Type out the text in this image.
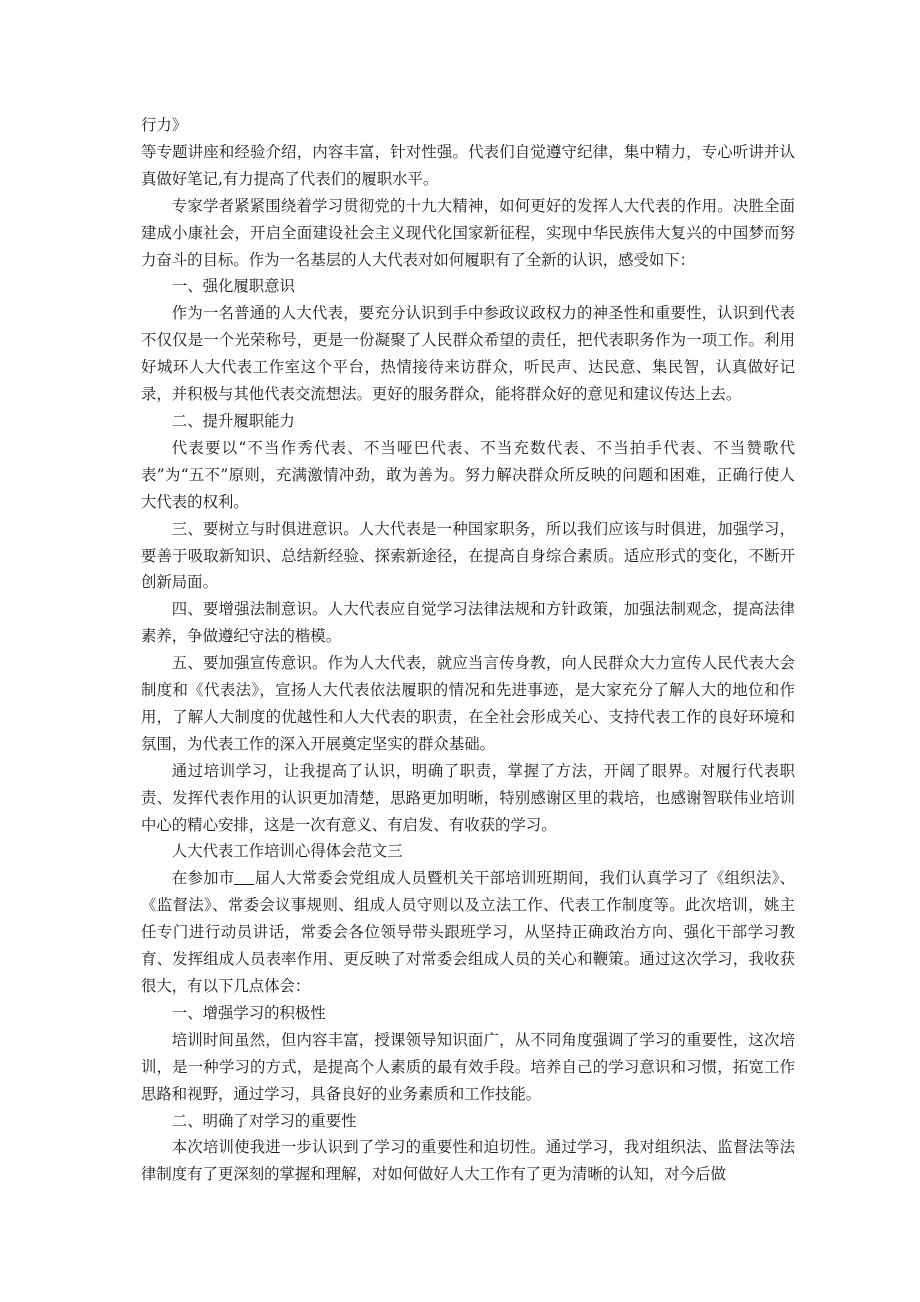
行力》

等专题讲座和经验介绍，内容丰富，针对性强。代表们自觉遵守纪律，集中精力，专心听讲并认真做好笔记,有力提高了代表们的履职水平。

专家学者紧紧围绕着学习贯彻党的十九大精神，如何更好的发挥人大代表的作用。决胜全面建成小康社会，开启全面建设社会主义现代化国家新征程，实现中华民族伟大复兴的中国梦而努力奋斗的目标。作为一名基层的人大代表对如何履职有了全新的认识，感受如下：

一、强化履职意识

作为一名普通的人大代表，要充分认识到手中参政议政权力的神圣性和重要性，认识到代表不仅仅是一个光荣称号，更是一份凝聚了人民群众希望的责任，把代表职务作为一项工作。利用好城环人大代表工作室这个平台，热情接待来访群众，听民声、达民意、集民智，认真做好记录，并积极与其他代表交流想法。更好的服务群众，能将群众好的意见和建议传达上去。

二、提升履职能力

代表要以“不当作秀代表、不当哑巴代表、不当充数代表、不当拍手代表、不当赞歌代表”为“五不”原则，充满激情冲劲，敢为善为。努力解决群众所反映的问题和困难，正确行使人大代表的权利。

三、要树立与时俱进意识。人大代表是一种国家职务，所以我们应该与时俱进，加强学习，要善于吸取新知识、总结新经验、探索新途径，在提高自身综合素质。适应形式的变化，不断开创新局面。

四、要增强法制意识。人大代表应自觉学习法律法规和方针政策，加强法制观念，提高法律素养，争做遵纪守法的楷模。

五、要加强宣传意识。作为人大代表，就应当言传身教，向人民群众大力宣传人民代表大会制度和《代表法》，宣扬人大代表依法履职的情况和先进事迹，是大家充分了解人大的地位和作用，了解人大制度的优越性和人大代表的职责，在全社会形成关心、支持代表工作的良好环境和氛围，为代表工作的深入开展奠定坚实的群众基础。

通过培训学习，让我提高了认识，明确了职责，掌握了方法，开阔了眼界。对履行代表职责、发挥代表作用的认识更加清楚，思路更加明晰，特别感谢区里的栽培，也感谢智联伟业培训中心的精心安排，这是一次有意义、有启发、有收获的学习。

人大代表工作培训心得体会范文三

在参加市 届人大常委会党组成人员暨机关干部培训班期间，我们认真学习了《组织法》、《监督法》、常委会议事规则、组成人员守则以及立法工作、代表工作制度等。此次培训，姚主任专门进行动员讲话，常委会各位领导带头跟班学习，从坚持正确政治方向、强化干部学习教育、发挥组成人员表率作用、更反映了对常委会组成人员的关心和鞭策。通过这次学习，我收获很大，有以下几点体会：

一、增强学习的积极性

培训时间虽然，但内容丰富，授课领导知识面广，从不同角度强调了学习的重要性，这次培训，是一种学习的方式，是提高个人素质的最有效手段。培养自己的学习意识和习惯，拓宽工作思路和视野，通过学习，具备良好的业务素质和工作技能。

二、明确了对学习的重要性

本次培训使我进一步认识到了学习的重要性和迫切性。通过学习，我对组织法、监督法等法律制度有了更深刻的掌握和理解，对如何做好人大工作有了更为清晰的认知，对今后做
